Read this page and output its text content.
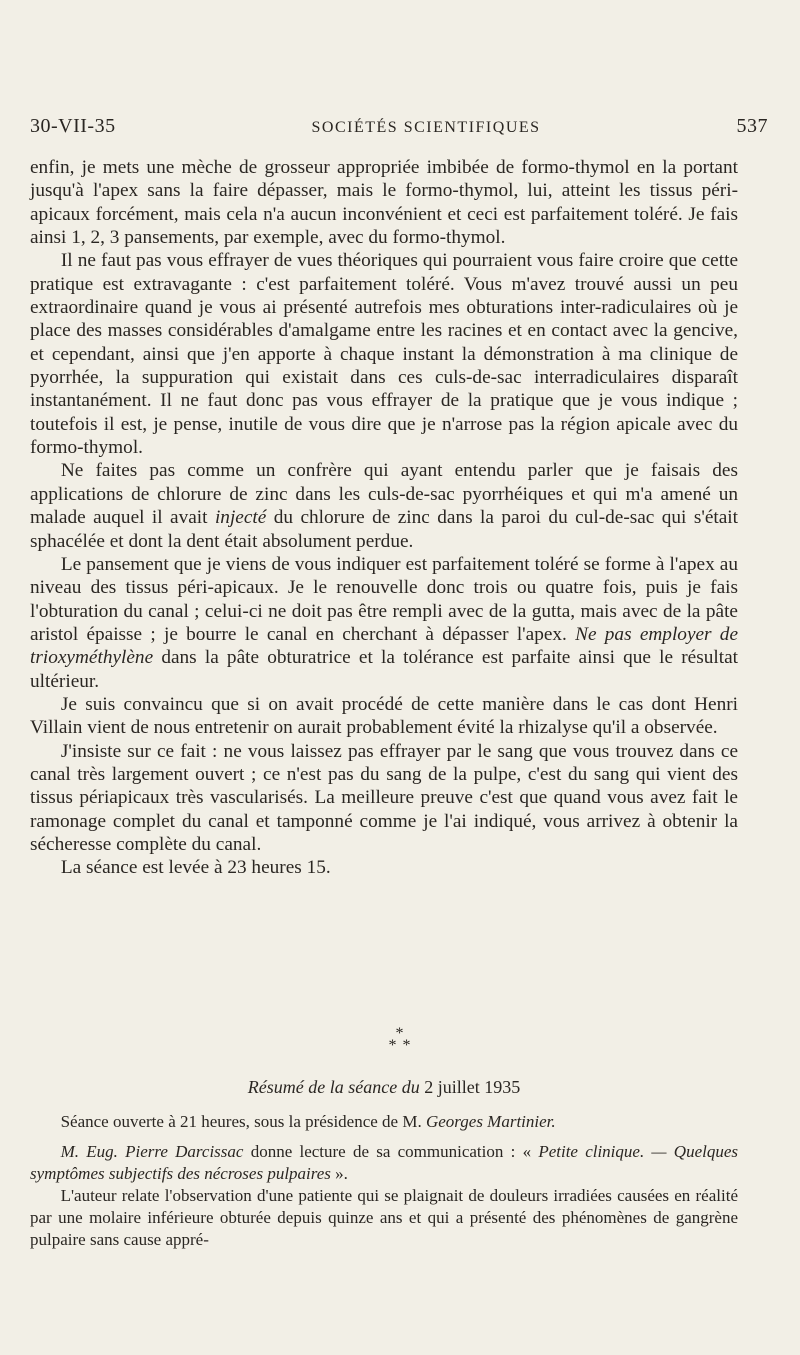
30-VII-35	SOCIÉTÉS SCIENTIFIQUES	537

enfin, je mets une mèche de grosseur appropriée imbibée de formo-thymol en la portant jusqu'à l'apex sans la faire dépasser, mais le formo-thymol, lui, atteint les tissus péri-apicaux forcément, mais cela n'a aucun inconvénient et ceci est parfaitement toléré. Je fais ainsi 1, 2, 3 pansements, par exemple, avec du formo-thymol.

Il ne faut pas vous effrayer de vues théoriques qui pourraient vous faire croire que cette pratique est extravagante : c'est parfaitement toléré. Vous m'avez trouvé aussi un peu extraordinaire quand je vous ai présenté autrefois mes obturations inter-radiculaires où je place des masses considérables d'amalgame entre les racines et en contact avec la gencive, et cependant, ainsi que j'en apporte à chaque instant la démonstration à ma clinique de pyorrhée, la suppuration qui existait dans ces culs-de-sac interradiculaires disparaît instantanément. Il ne faut donc pas vous effrayer de la pratique que je vous indique ; toutefois il est, je pense, inutile de vous dire que je n'arrose pas la région apicale avec du formo-thymol.

Ne faites pas comme un confrère qui ayant entendu parler que je faisais des applications de chlorure de zinc dans les culs-de-sac pyorrhéiques et qui m'a amené un malade auquel il avait injecté du chlorure de zinc dans la paroi du cul-de-sac qui s'était sphacélée et dont la dent était absolument perdue.

Le pansement que je viens de vous indiquer est parfaitement toléré se forme à l'apex au niveau des tissus péri-apicaux. Je le renouvelle donc trois ou quatre fois, puis je fais l'obturation du canal ; celui-ci ne doit pas être rempli avec de la gutta, mais avec de la pâte aristol épaisse ; je bourre le canal en cherchant à dépasser l'apex. Ne pas employer de trioxyméthylène dans la pâte obturatrice et la tolérance est parfaite ainsi que le résultat ultérieur.

Je suis convaincu que si on avait procédé de cette manière dans le cas dont Henri Villain vient de nous entretenir on aurait probablement évité la rhizalyse qu'il a observée.

J'insiste sur ce fait : ne vous laissez pas effrayer par le sang que vous trouvez dans ce canal très largement ouvert ; ce n'est pas du sang de la pulpe, c'est du sang qui vient des tissus périapicaux très vascularisés. La meilleure preuve c'est que quand vous avez fait le ramonage complet du canal et tamponné comme je l'ai indiqué, vous arrivez à obtenir la sécheresse complète du canal.

La séance est levée à 23 heures 15.

*
* *
Résumé de la séance du 2 juillet 1935

Séance ouverte à 21 heures, sous la présidence de M. Georges Martinier.

M. Eug. Pierre Darcissac donne lecture de sa communication : « Petite clinique. — Quelques symptômes subjectifs des nécroses pulpaires ».

L'auteur relate l'observation d'une patiente qui se plaignait de douleurs irradiées causées en réalité par une molaire inférieure obturée depuis quinze ans et qui a présenté des phénomènes de gangrène pulpaire sans cause appré-
